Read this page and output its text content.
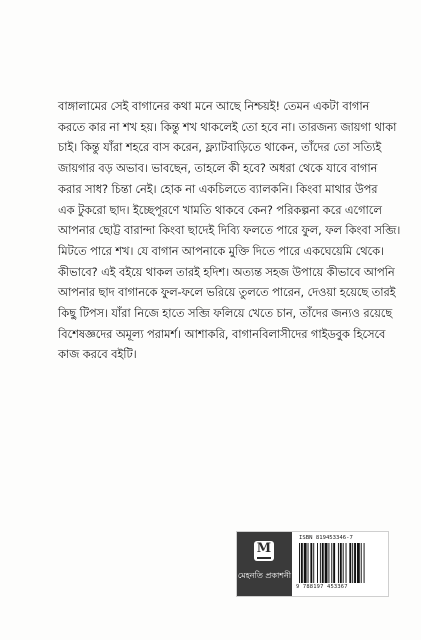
বাঙ্গালামের সেই বাগানের কথা মনে আছে নিশ্চয়ই! তেমন একটা বাগান
করতে কার না শখ হয়। কিন্তু শখ থাকলেই তো হবে না। তারজন্য জায়গা থাকা
চাই। কিন্তু যাঁরা শহরে বাস করেন, ফ্ল্যাটবাড়িতে থাকেন, তাঁদের তো সত্যিই
জায়গার বড় অভাব। ভাবছেন, তাহলে কী হবে? অধরা থেকে যাবে বাগান
করার সাধ? চিন্তা নেই। হোক না একচিলতে ব্যালকনি। কিংবা মাথার উপর
এক টুকরো ছাদ। ইচ্ছেপূরণে খামতি থাকবে কেন? পরিকল্পনা করে এগোলে
আপনার ছোট্ট বারান্দা কিংবা ছাদেই দিব্যি ফলতে পারে ফুল, ফল কিংবা সব্জি।
মিটতে পারে শখ। যে বাগান আপনাকে মুক্তি দিতে পারে একঘেয়েমি থেকে।
কীভাবে? এই বইয়ে থাকল তারই হদিশ। অত্যন্ত সহজ উপায়ে কীভাবে আপনি
আপনার ছাদ বাগানকে ফুল-ফলে ভরিয়ে তুলতে পারেন, দেওয়া হয়েছে তারই
কিছু টিপস। যাঁরা নিজে হাতে সব্জি ফলিয়ে খেতে চান, তাঁদের জন্যও রয়েছে
বিশেষজ্ঞদের অমূল্য পরামর্শ। আশাকরি, বাগানবিলাসীদের গাইডবুক হিসেবে
কাজ করবে বইটি।
M
মেহনতি প্রকাশনী
ISBN 819453346-7
9 788197 453367
